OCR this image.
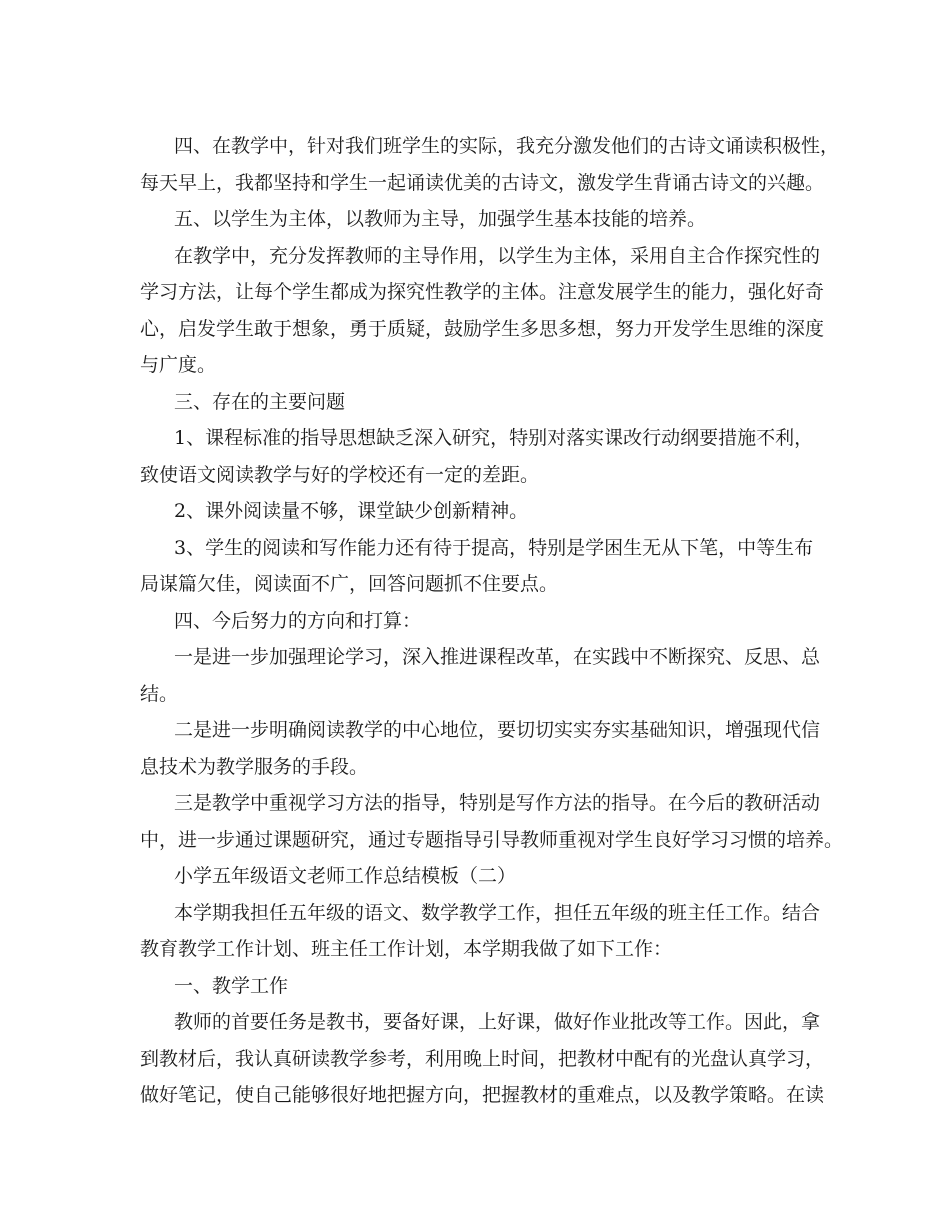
四、在教学中，针对我们班学生的实际，我充分激发他们的古诗文诵读积极性，
每天早上，我都坚持和学生一起诵读优美的古诗文，激发学生背诵古诗文的兴趣。
五、以学生为主体，以教师为主导，加强学生基本技能的培养。
在教学中，充分发挥教师的主导作用，以学生为主体，采用自主合作探究性的
学习方法，让每个学生都成为探究性教学的主体。注意发展学生的能力，强化好奇
心，启发学生敢于想象，勇于质疑，鼓励学生多思多想，努力开发学生思维的深度
与广度。
三、存在的主要问题
1、课程标准的指导思想缺乏深入研究，特别对落实课改行动纲要措施不利，
致使语文阅读教学与好的学校还有一定的差距。
2、课外阅读量不够，课堂缺少创新精神。
3、学生的阅读和写作能力还有待于提高，特别是学困生无从下笔，中等生布
局谋篇欠佳，阅读面不广，回答问题抓不住要点。
四、今后努力的方向和打算：
一是进一步加强理论学习，深入推进课程改革，在实践中不断探究、反思、总
结。
二是进一步明确阅读教学的中心地位，要切切实实夯实基础知识，增强现代信
息技术为教学服务的手段。
三是教学中重视学习方法的指导，特别是写作方法的指导。在今后的教研活动
中，进一步通过课题研究，通过专题指导引导教师重视对学生良好学习习惯的培养。
小学五年级语文老师工作总结模板（二）
本学期我担任五年级的语文、数学教学工作，担任五年级的班主任工作。结合
教育教学工作计划、班主任工作计划，本学期我做了如下工作：
一、教学工作
教师的首要任务是教书，要备好课，上好课，做好作业批改等工作。因此，拿
到教材后，我认真研读教学参考，利用晚上时间，把教材中配有的光盘认真学习，
做好笔记，使自己能够很好地把握方向，把握教材的重难点，以及教学策略。在读
